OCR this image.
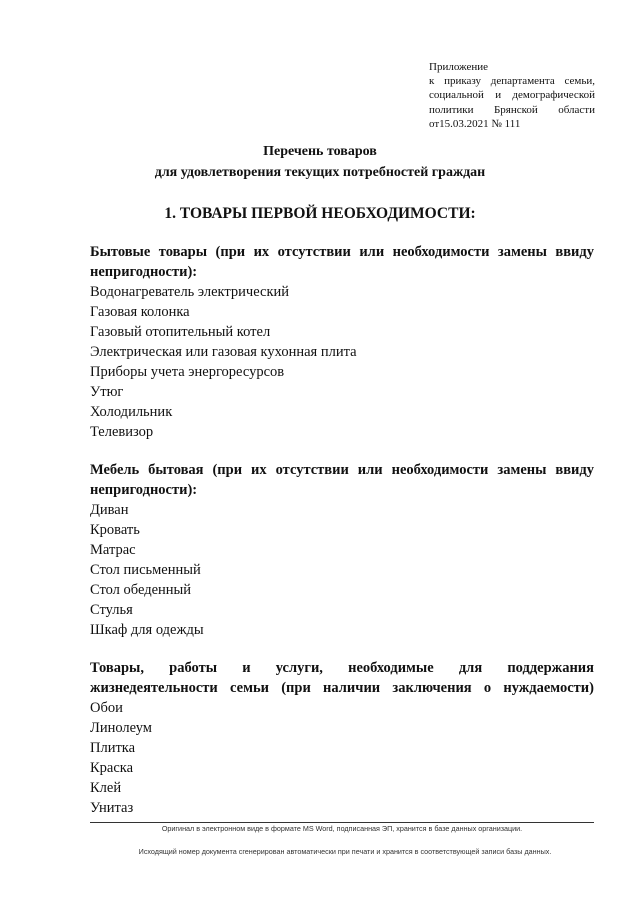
Приложение
к приказу департамента семьи,
социальной и демографической
политики Брянской области
от15.03.2021 № 111
Перечень товаров
для удовлетворения текущих потребностей граждан
1. ТОВАРЫ ПЕРВОЙ НЕОБХОДИМОСТИ:
Бытовые товары (при их отсутствии или необходимости замены ввиду
непригодности):
Водонагреватель электрический
Газовая колонка
Газовый отопительный котел
Электрическая или газовая кухонная плита
Приборы учета энергоресурсов
Утюг
Холодильник
Телевизор
Мебель бытовая (при их отсутствии или необходимости замены ввиду
непригодности):
Диван
Кровать
Матрас
Стол письменный
Стол обеденный
Стулья
Шкаф для одежды
Товары, работы и услуги, необходимые для поддержания
жизнедеятельности семьи (при наличии заключения о нуждаемости)
Обои
Линолеум
Плитка
Краска
Клей
Унитаз
Оригинал в электронном виде в формате MS Word, подписанная ЭП, хранится в базе данных организации.
Исходящий номер документа сгенерирован автоматически при печати и хранится в соответствующей записи базы данных.
